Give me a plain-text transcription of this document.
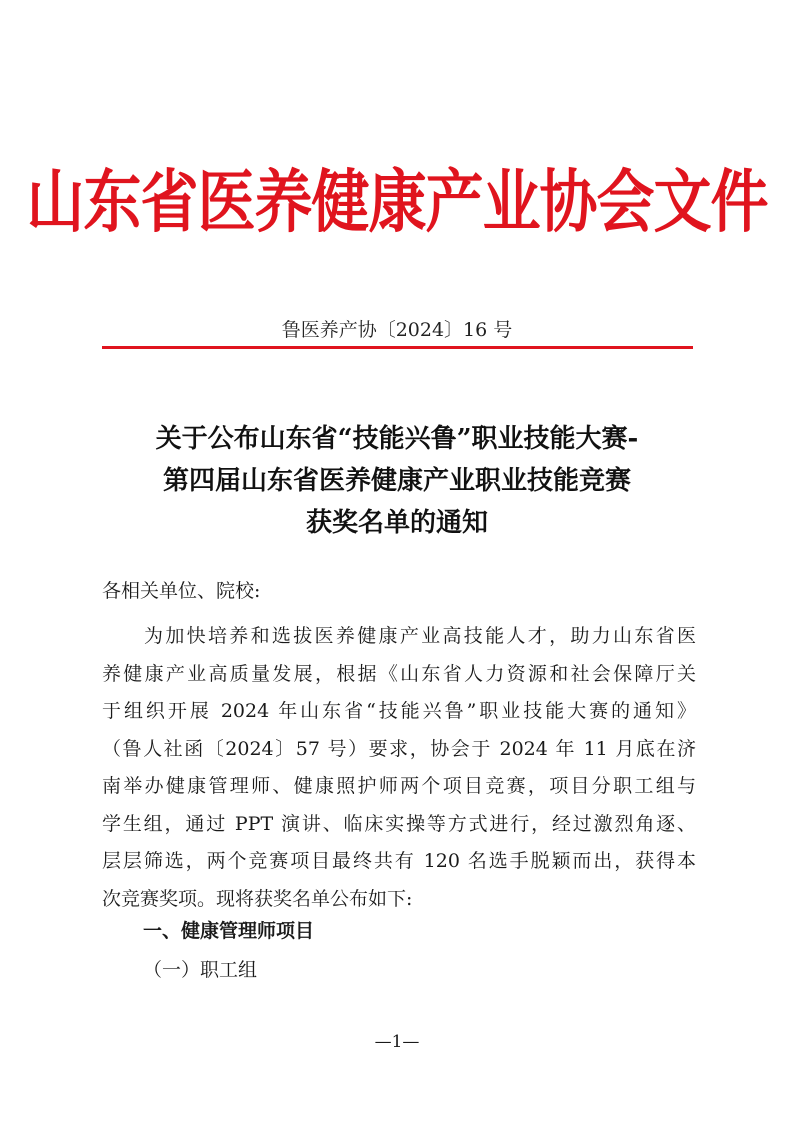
山东省医养健康产业协会文件
鲁医养产协〔2024〕16 号
关于公布山东省“技能兴鲁”职业技能大赛-
第四届山东省医养健康产业职业技能竞赛
获奖名单的通知
各相关单位、院校:
为加快培养和选拔医养健康产业高技能人才，助力山东省医
养健康产业高质量发展，根据《山东省人力资源和社会保障厅关
于组织开展 2024 年山东省“技能兴鲁”职业技能大赛的通知》
（鲁人社函〔2024〕57 号）要求，协会于 2024 年 11 月底在济
南举办健康管理师、健康照护师两个项目竞赛，项目分职工组与
学生组，通过 PPT 演讲、临床实操等方式进行，经过激烈角逐、
层层筛选，两个竞赛项目最终共有 120 名选手脱颖而出，获得本
次竞赛奖项。现将获奖名单公布如下:
一、健康管理师项目
（一）职工组
—1—
